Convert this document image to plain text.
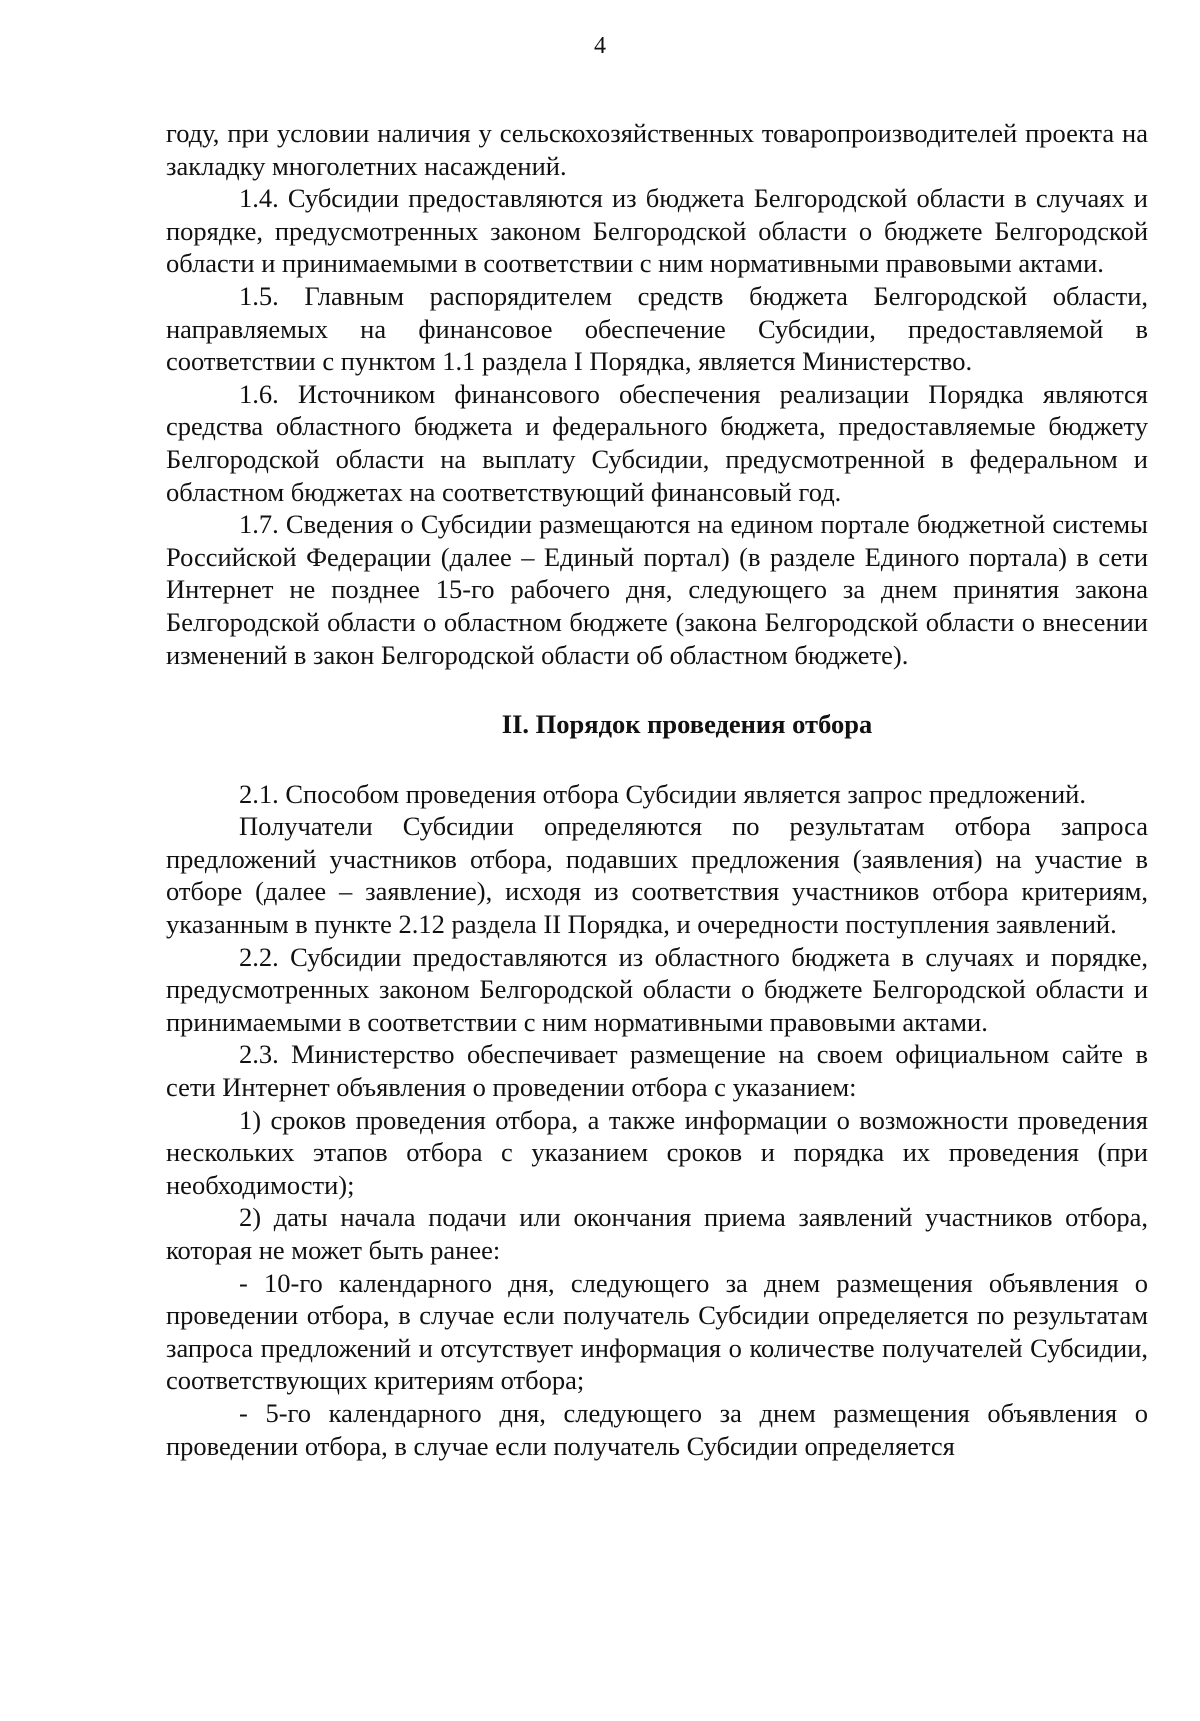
4

году, при условии наличия у сельскохозяйственных товаропроизводителей проекта на закладку многолетних насаждений.

1.4. Субсидии предоставляются из бюджета Белгородской области в случаях и порядке, предусмотренных законом Белгородской области о бюджете Белгородской области и принимаемыми в соответствии с ним нормативными правовыми актами.

1.5. Главным распорядителем средств бюджета Белгородской области, направляемых на финансовое обеспечение Субсидии, предоставляемой в соответствии с пунктом 1.1 раздела I Порядка, является Министерство.

1.6. Источником финансового обеспечения реализации Порядка являются средства областного бюджета и федерального бюджета, предоставляемые бюджету Белгородской области на выплату Субсидии, предусмотренной в федеральном и областном бюджетах на соответствующий финансовый год.

1.7. Сведения о Субсидии размещаются на едином портале бюджетной системы Российской Федерации (далее – Единый портал) (в разделе Единого портала) в сети Интернет не позднее 15-го рабочего дня, следующего за днем принятия закона Белгородской области о областном бюджете (закона Белгородской области о внесении изменений в закон Белгородской области об областном бюджете).

II. Порядок проведения отбора

2.1. Способом проведения отбора Субсидии является запрос предложений.

Получатели Субсидии определяются по результатам отбора запроса предложений участников отбора, подавших предложения (заявления) на участие в отборе (далее – заявление), исходя из соответствия участников отбора критериям, указанным в пункте 2.12 раздела II Порядка, и очередности поступления заявлений.

2.2. Субсидии предоставляются из областного бюджета в случаях и порядке, предусмотренных законом Белгородской области о бюджете Белгородской области и принимаемыми в соответствии с ним нормативными правовыми актами.

2.3. Министерство обеспечивает размещение на своем официальном сайте в сети Интернет объявления о проведении отбора с указанием:

1) сроков проведения отбора, а также информации о возможности проведения нескольких этапов отбора с указанием сроков и порядка их проведения (при необходимости);

2) даты начала подачи или окончания приема заявлений участников отбора, которая не может быть ранее:

- 10-го календарного дня, следующего за днем размещения объявления о проведении отбора, в случае если получатель Субсидии определяется по результатам запроса предложений и отсутствует информация о количестве получателей Субсидии, соответствующих критериям отбора;

- 5-го календарного дня, следующего за днем размещения объявления о проведении отбора, в случае если получатель Субсидии определяется
